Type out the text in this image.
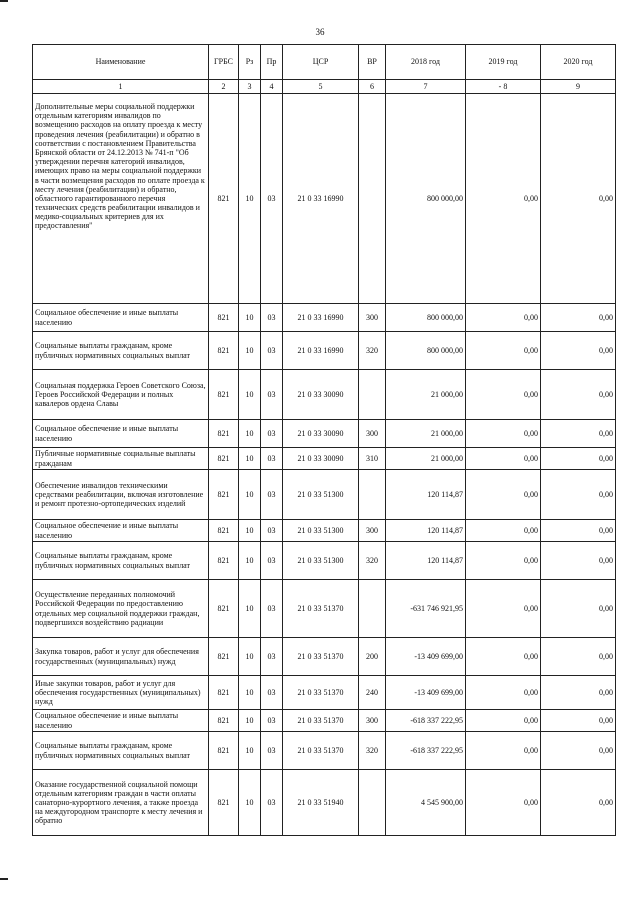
36
Наименование	ГРБС	Рз	Пр	ЦСР	ВР	2018 год	2019 год	2020 год
1	2	3	4	5	6	7	- 8	9
Дополнительные меры социальной поддержки отдельным категориям инвалидов по возмещению расходов на оплату проезда к месту проведения лечения (реабилитации) и обратно в соответствии с постановлением Правительства Брянской области от 24.12.2013 № 741-п "Об утверждении перечня категорий инвалидов, имеющих право на меры социальной поддержки в части возмещения расходов по оплате проезда к месту лечения (реабилитации) и обратно, областного гарантированного перечня технических средств реабилитации инвалидов и медико-социальных критериев для их предоставления"	821	10	03	21 0 33 16990		800 000,00	0,00	0,00
Социальное обеспечение и иные выплаты населению	821	10	03	21 0 33 16990	300	800 000,00	0,00	0,00
Социальные выплаты гражданам, кроме публичных нормативных социальных выплат	821	10	03	21 0 33 16990	320	800 000,00	0,00	0,00
Социальная поддержка Героев Советского Союза, Героев Российской Федерации и полных кавалеров ордена Славы	821	10	03	21 0 33 30090		21 000,00	0,00	0,00
Социальное обеспечение и иные выплаты населению	821	10	03	21 0 33 30090	300	21 000,00	0,00	0,00
Публичные нормативные социальные выплаты гражданам	821	10	03	21 0 33 30090	310	21 000,00	0,00	0,00
Обеспечение инвалидов техническими средствами реабилитации, включая изготовление и ремонт протезно-ортопедических изделий	821	10	03	21 0 33 51300		120 114,87	0,00	0,00
Социальное обеспечение и иные выплаты населению	821	10	03	21 0 33 51300	300	120 114,87	0,00	0,00
Социальные выплаты гражданам, кроме публичных нормативных социальных выплат	821	10	03	21 0 33 51300	320	120 114,87	0,00	0,00
Осуществление переданных полномочий Российской Федерации по предоставлению отдельных мер социальной поддержки граждан, подвергшихся воздействию радиации	821	10	03	21 0 33 51370		-631 746 921,95	0,00	0,00
Закупка товаров, работ и услуг для обеспечения государственных (муниципальных) нужд	821	10	03	21 0 33 51370	200	-13 409 699,00	0,00	0,00
Иные закупки товаров, работ и услуг для обеспечения государственных (муниципальных) нужд	821	10	03	21 0 33 51370	240	-13 409 699,00	0,00	0,00
Социальное обеспечение и иные выплаты населению	821	10	03	21 0 33 51370	300	-618 337 222,95	0,00	0,00
Социальные выплаты гражданам, кроме публичных нормативных социальных выплат	821	10	03	21 0 33 51370	320	-618 337 222,95	0,00	0,00
Оказание государственной социальной помощи отдельным категориям граждан в части оплаты санаторно-курортного лечения, а также проезда на междугородном транспорте к месту лечения и обратно	821	10	03	21 0 33 51940		4 545 900,00	0,00	0,00
